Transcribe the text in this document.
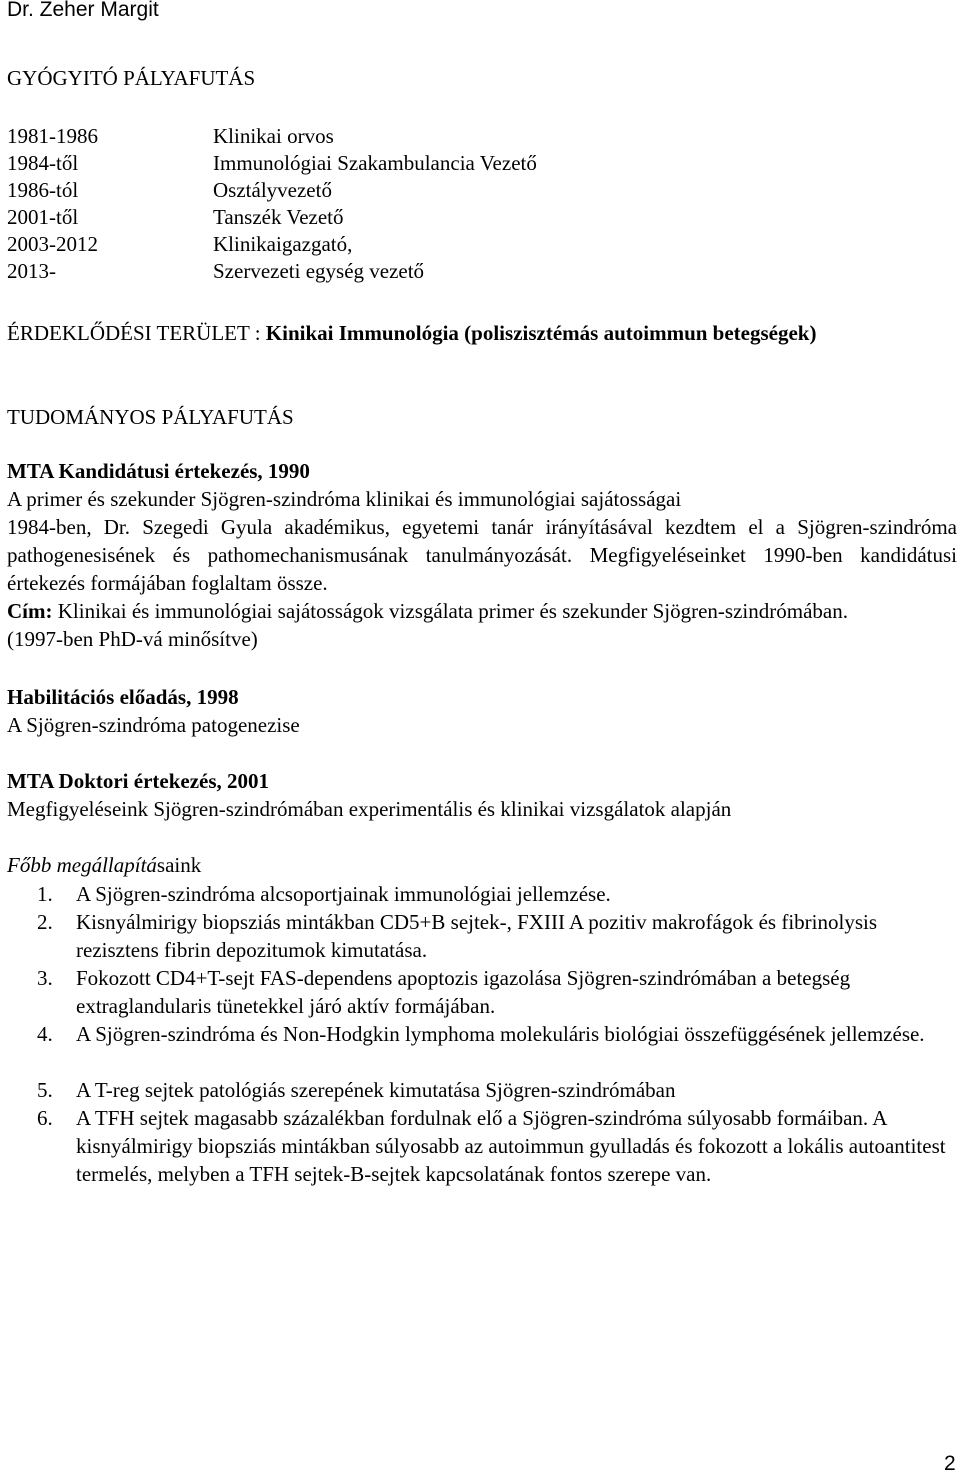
Dr. Zeher Margit
GYÓGYITÓ PÁLYAFUTÁS
1981-1986	Klinikai orvos
1984-től	Immunológiai Szakambulancia Vezető
1986-tól	Osztályvezető
2001-től	Tanszék Vezető
2003-2012	Klinikaigazgató,
2013-	Szervezeti egység vezető
ÉRDEKLŐDÉSI TERÜLET : Kinikai Immunológia (poliszisztémás autoimmun betegségek)
TUDOMÁNYOS PÁLYAFUTÁS
MTA Kandidátusi értekezés, 1990
A primer és szekunder Sjögren-szindróma klinikai és immunológiai sajátosságai

1984-ben, Dr. Szegedi Gyula akadémikus, egyetemi tanár irányításával kezdtem el a Sjögren-szindróma pathogenesisének és pathomechanismusának tanulmányozását. Megfigyeléseinket 1990-ben kandidátusi értekezés formájában foglaltam össze.

Cím: Klinikai és immunológiai sajátosságok vizsgálata primer és szekunder Sjögren-szindrómában.

(1997-ben PhD-vá minősítve)

Habilitációs előadás, 1998
A Sjögren-szindróma patogenezise
MTA Doktori értekezés, 2001
Megfigyeléseink Sjögren-szindrómában experimentális és klinikai vizsgálatok alapján
Főbb megállapításaink
1. A Sjögren-szindróma alcsoportjainak immunológiai jellemzése.
2. Kisnyálmirigy biopsziás mintákban CD5+B sejtek-, FXIII A pozitiv makrofágok és fibrinolysis rezisztens fibrin depozitumok kimutatása.
3. Fokozott CD4+T-sejt FAS-dependens apoptozis igazolása Sjögren-szindrómában a betegség extraglandularis tünetekkel járó aktív formájában.
4. A Sjögren-szindróma és Non-Hodgkin lymphoma molekuláris biológiai összefüggésének jellemzése.
5. A T-reg sejtek patológiás szerepének kimutatása Sjögren-szindrómában
6. A TFH sejtek magasabb százalékban fordulnak elő a Sjögren-szindróma súlyosabb formáiban. A kisnyálmirigy biopsziás mintákban súlyosabb az autoimmun gyulladás és fokozott a lokális autoantitest termelés, melyben a TFH sejtek-B-sejtek kapcsolatának fontos szerepe van.
2
